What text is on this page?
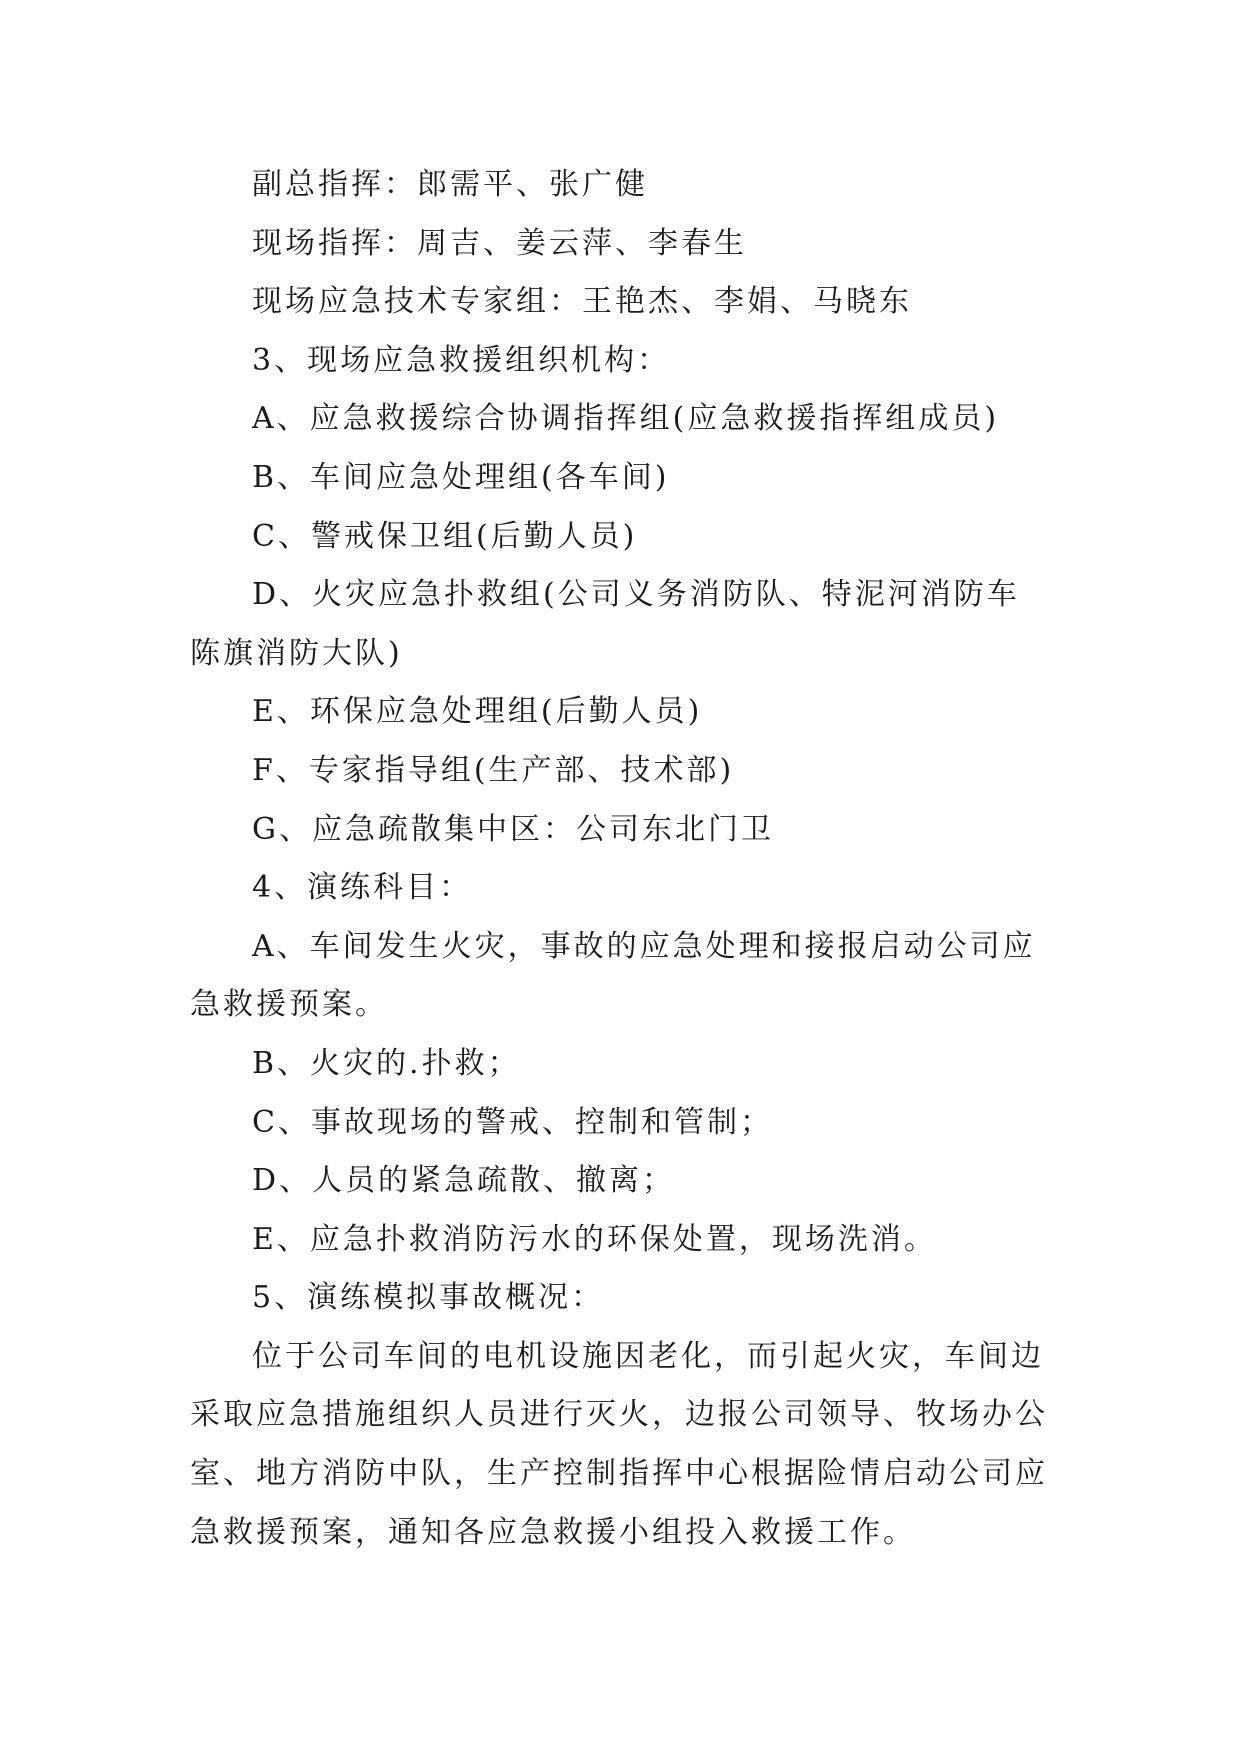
副总指挥：郎需平、张广健

现场指挥：周吉、姜云萍、李春生

现场应急技术专家组：王艳杰、李娟、马晓东

3、现场应急救援组织机构：

A、应急救援综合协调指挥组(应急救援指挥组成员)

B、车间应急处理组(各车间)

C、警戒保卫组(后勤人员)

D、火灾应急扑救组(公司义务消防队、特泥河消防车陈旗消防大队)

E、环保应急处理组(后勤人员)

F、专家指导组(生产部、技术部)

G、应急疏散集中区：公司东北门卫

4、演练科目：

A、车间发生火灾，事故的应急处理和接报启动公司应急救援预案。

B、火灾的.扑救；

C、事故现场的警戒、控制和管制；

D、人员的紧急疏散、撤离；

E、应急扑救消防污水的环保处置，现场洗消。

5、演练模拟事故概况：

位于公司车间的电机设施因老化，而引起火灾，车间边采取应急措施组织人员进行灭火，边报公司领导、牧场办公室、地方消防中队，生产控制指挥中心根据险情启动公司应急救援预案，通知各应急救援小组投入救援工作。
